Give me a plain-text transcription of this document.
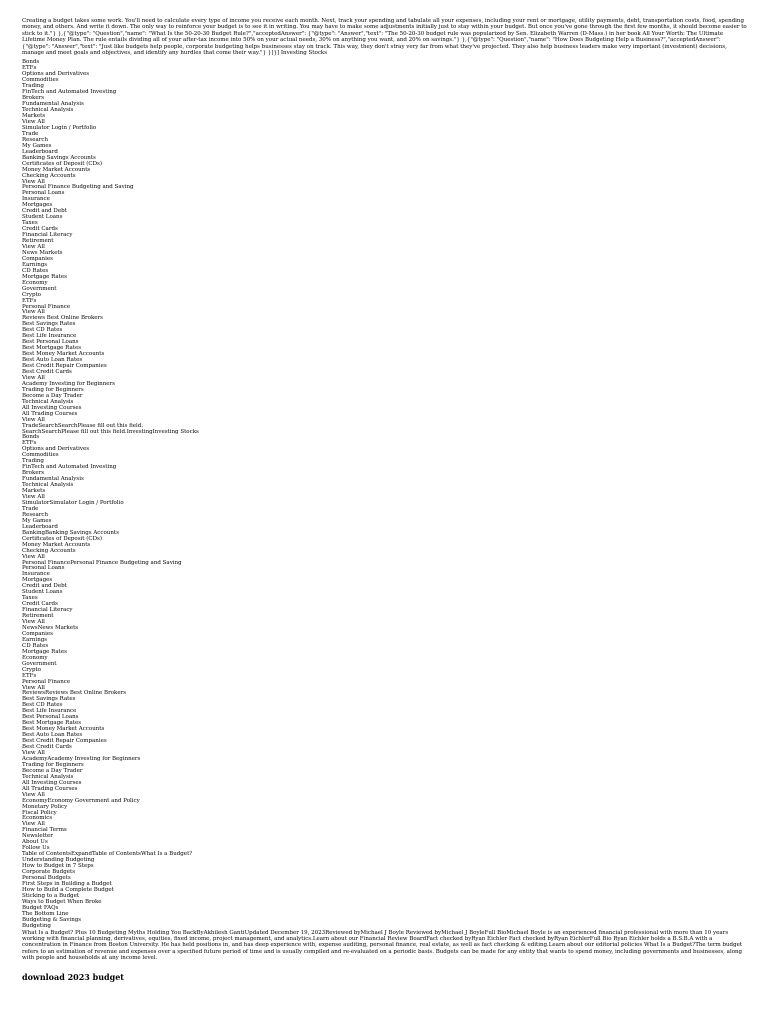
Creating a budget takes some work. You'll need to calculate every type of income you receive each month. Next, track your spending and tabulate all your expenses, including your rent or mortgage, utility payments, debt, transportation costs, food, spending money, and others. And write it down. The only way to reinforce your budget is to see it in writing. You may have to make some adjustments initially just to stay within your budget. But once you've gone through the first few months, it should become easier to stick to it."} },{"@type": "Question","name": "What Is the 50-20-30 Budget Rule?","acceptedAnswer": {"@type": "Answer","text": "The 50-20-30 budget rule was popularized by Sen. Elizabeth Warren (D-Mass.) in her book All Your Worth: The Ultimate Lifetime Money Plan. The rule entails dividing all of your after-tax income into 50% on your actual needs, 30% on anything you want, and 20% on savings."} },{"@type": "Question","name": "How Does Budgeting Help a Business?","acceptedAnswer": {"@type": "Answer","text": "Just like budgets help people, corporate budgeting helps businesses stay on track. This way, they don't stray very far from what they've projected. They also help business leaders make very important (investment) decisions, manage and meet goals and objectives, and identify any hurdles that come their way."} }]}] Investing Stocks

Bonds
ETFs
Options and Derivatives
Commodities
Trading
FinTech and Automated Investing
Brokers
Fundamental Analysis
Technical Analysis
Markets
View All
Simulator Login / Portfolio
Trade
Research
My Games
Leaderboard
Banking Savings Accounts
Certificates of Deposit (CDs)
Money Market Accounts
Checking Accounts
View All
Personal Finance Budgeting and Saving
Personal Loans
Insurance
Mortgages
Credit and Debt
Student Loans
Taxes
Credit Cards
Financial Literacy
Retirement
View All
News Markets
Companies
Earnings
CD Rates
Mortgage Rates
Economy
Government
Crypto
ETFs
Personal Finance
View All
Reviews Best Online Brokers
Best Savings Rates
Best CD Rates
Best Life Insurance
Best Personal Loans
Best Mortgage Rates
Best Money Market Accounts
Best Auto Loan Rates
Best Credit Repair Companies
Best Credit Cards
View All
Academy Investing for Beginners
Trading for Beginners
Become a Day Trader
Technical Analysis
All Investing Courses
All Trading Courses
View All
TradeSearchSearchPlease fill out this field.
SearchSearchPlease fill out this field.InvestingInvesting Stocks
Bonds
ETFs
Options and Derivatives
Commodities
Trading
FinTech and Automated Investing
Brokers
Fundamental Analysis
Technical Analysis
Markets
View All
SimulatorSimulator Login / Portfolio
Trade
Research
My Games
Leaderboard
BankingBanking Savings Accounts
Certificates of Deposit (CDs)
Money Market Accounts
Checking Accounts
View All
Personal FinancePersonal Finance Budgeting and Saving
Personal Loans
Insurance
Mortgages
Credit and Debt
Student Loans
Taxes
Credit Cards
Financial Literacy
Retirement
View All
NewsNews Markets
Companies
Earnings
CD Rates
Mortgage Rates
Economy
Government
Crypto
ETFs
Personal Finance
View All
ReviewsReviews Best Online Brokers
Best Savings Rates
Best CD Rates
Best Life Insurance
Best Personal Loans
Best Mortgage Rates
Best Money Market Accounts
Best Auto Loan Rates
Best Credit Repair Companies
Best Credit Cards
View All
AcademyAcademy Investing for Beginners
Trading for Beginners
Become a Day Trader
Technical Analysis
All Investing Courses
All Trading Courses
View All
EconomyEconomy Government and Policy
Monetary Policy
Fiscal Policy
Economics
View All
Financial Terms
Newsletter
About Us
Follow Us
Table of ContentsExpandTable of ContentsWhat Is a Budget?
Understanding Budgeting
How to Budget in 7 Steps
Corporate Budgets
Personal Budgets
First Steps in Building a Budget
How to Build a Complete Budget
Sticking to a Budget
Ways to Budget When Broke
Budget FAQs
The Bottom Line
Budgeting & Savings
Budgeting

What Is a Budget? Plus 10 Budgeting Myths Holding You BackByAkhilesh GantiUpdated December 19, 2023Reviewed byMichael J Boyle Reviewed byMichael J BoyleFull BioMichael Boyle is an experienced financial professional with more than 10 years working with financial planning, derivatives, equities, fixed income, project management, and analytics.Learn about our Financial Review BoardFact checked byRyan Eichler Fact checked byRyan EichlerFull Bio Ryan Eichler holds a B.S.B.A with a concentration in Finance from Boston University. He has held positions in, and has deep experience with, expense auditing, personal finance, real estate, as well as fact checking & editing.Learn about our editorial policies What Is a Budget?The term budget refers to an estimation of revenue and expenses over a specified future period of time and is usually compiled and re-evaluated on a periodic basis. Budgets can be made for any entity that wants to spend money, including governments and businesses, along with people and households at any income level.

download 2023 budget
